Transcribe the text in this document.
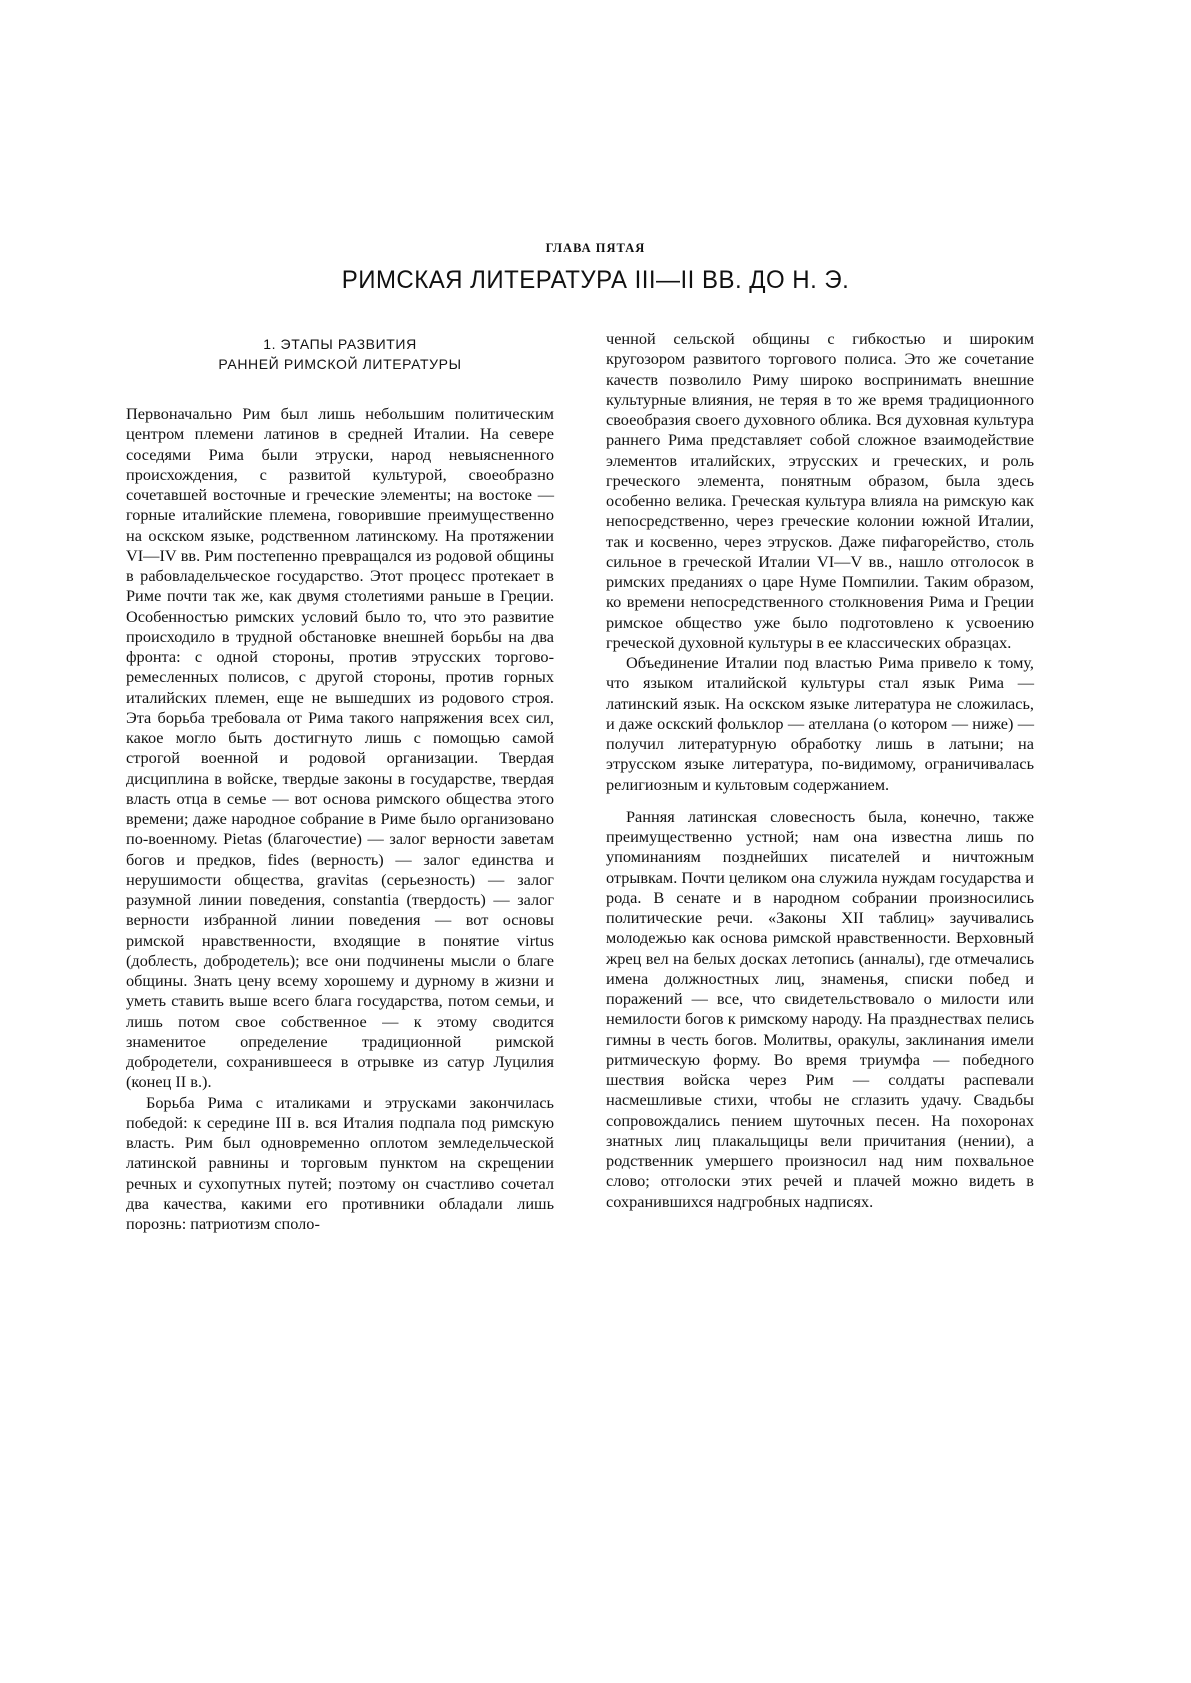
ГЛАВА ПЯТАЯ
РИМСКАЯ ЛИТЕРАТУРА III—II ВВ. ДО Н. Э.
1. ЭТАПЫ РАЗВИТИЯ
РАННЕЙ РИМСКОЙ ЛИТЕРАТУРЫ

Первоначально Рим был лишь небольшим политическим центром племени латинов в средней Италии. На севере соседями Рима были этруски, народ невыясненного происхождения, с развитой культурой, своеобразно сочетавшей восточные и греческие элементы; на востоке — горные италийские племена, говорившие преимущественно на оскском языке, родственном латинскому. На протяжении VI—IV вв. Рим постепенно превращался из родовой общины в рабовладельческое государство. Этот процесс протекает в Риме почти так же, как двумя столетиями раньше в Греции. Особенностью римских условий было то, что это развитие происходило в трудной обстановке внешней борьбы на два фронта: с одной стороны, против этрусских торгово-ремесленных полисов, с другой стороны, против горных италийских племен, еще не вышедших из родового строя. Эта борьба требовала от Рима такого напряжения всех сил, какое могло быть достигнуто лишь с помощью самой строгой военной и родовой организации. Твердая дисциплина в войске, твердые законы в государстве, твердая власть отца в семье — вот основа римского общества этого времени; даже народное собрание в Риме было организовано по-военному. Pietas (благочестие) — залог верности заветам богов и предков, fides (верность) — залог единства и нерушимости общества, gravitas (серьезность) — залог разумной линии поведения, constantia (твердость) — залог верности избранной линии поведения — вот основы римской нравственности, входящие в понятие virtus (доблесть, добродетель); все они подчинены мысли о благе общины. Знать цену всему хорошему и дурному в жизни и уметь ставить выше всего блага государства, потом семьи, и лишь потом свое собственное — к этому сводится знаменитое определение традиционной римской добродетели, сохранившееся в отрывке из сатур Луцилия (конец II в.).

Борьба Рима с италиками и этрусками закончилась победой: к середине III в. вся Италия подпала под римскую власть. Рим был одновременно оплотом земледельческой латинской равнины и торговым пунктом на скрещении речных и сухопутных путей; поэтому он счастливо сочетал два качества, какими его противники обладали лишь порознь: патриотизм споло-

ченной сельской общины с гибкостью и широким кругозором развитого торгового полиса. Это же сочетание качеств позволило Риму широко воспринимать внешние культурные влияния, не теряя в то же время традиционного своеобразия своего духовного облика. Вся духовная культура раннего Рима представляет собой сложное взаимодействие элементов италийских, этрусских и греческих, и роль греческого элемента, понятным образом, была здесь особенно велика. Греческая культура влияла на римскую как непосредственно, через греческие колонии южной Италии, так и косвенно, через этрусков. Даже пифагорейство, столь сильное в греческой Италии VI—V вв., нашло отголосок в римских преданиях о царе Нуме Помпилии. Таким образом, ко времени непосредственного столкновения Рима и Греции римское общество уже было подготовлено к усвоению греческой духовной культуры в ее классических образцах.

Объединение Италии под властью Рима привело к тому, что языком италийской культуры стал язык Рима — латинский язык. На оскском языке литература не сложилась, и даже оскский фольклор — ателлана (о котором — ниже) — получил литературную обработку лишь в латыни; на этрусском языке литература, по-видимому, ограничивалась религиозным и культовым содержанием.

Ранняя латинская словесность была, конечно, также преимущественно устной; нам она известна лишь по упоминаниям позднейших писателей и ничтожным отрывкам. Почти целиком она служила нуждам государства и рода. В сенате и в народном собрании произносились политические речи. «Законы XII таблиц» заучивались молодежью как основа римской нравственности. Верховный жрец вел на белых досках летопись (анналы), где отмечались имена должностных лиц, знаменья, списки побед и поражений — все, что свидетельствовало о милости или немилости богов к римскому народу. На празднествах пелись гимны в честь богов. Молитвы, оракулы, заклинания имели ритмическую форму. Во время триумфа — победного шествия войска через Рим — солдаты распевали насмешливые стихи, чтобы не сглазить удачу. Свадьбы сопровождались пением шуточных песен. На похоронах знатных лиц плакальщицы вели причитания (нении), а родственник умершего произносил над ним похвальное слово; отголоски этих речей и плачей можно видеть в сохранившихся надгробных надписях.
